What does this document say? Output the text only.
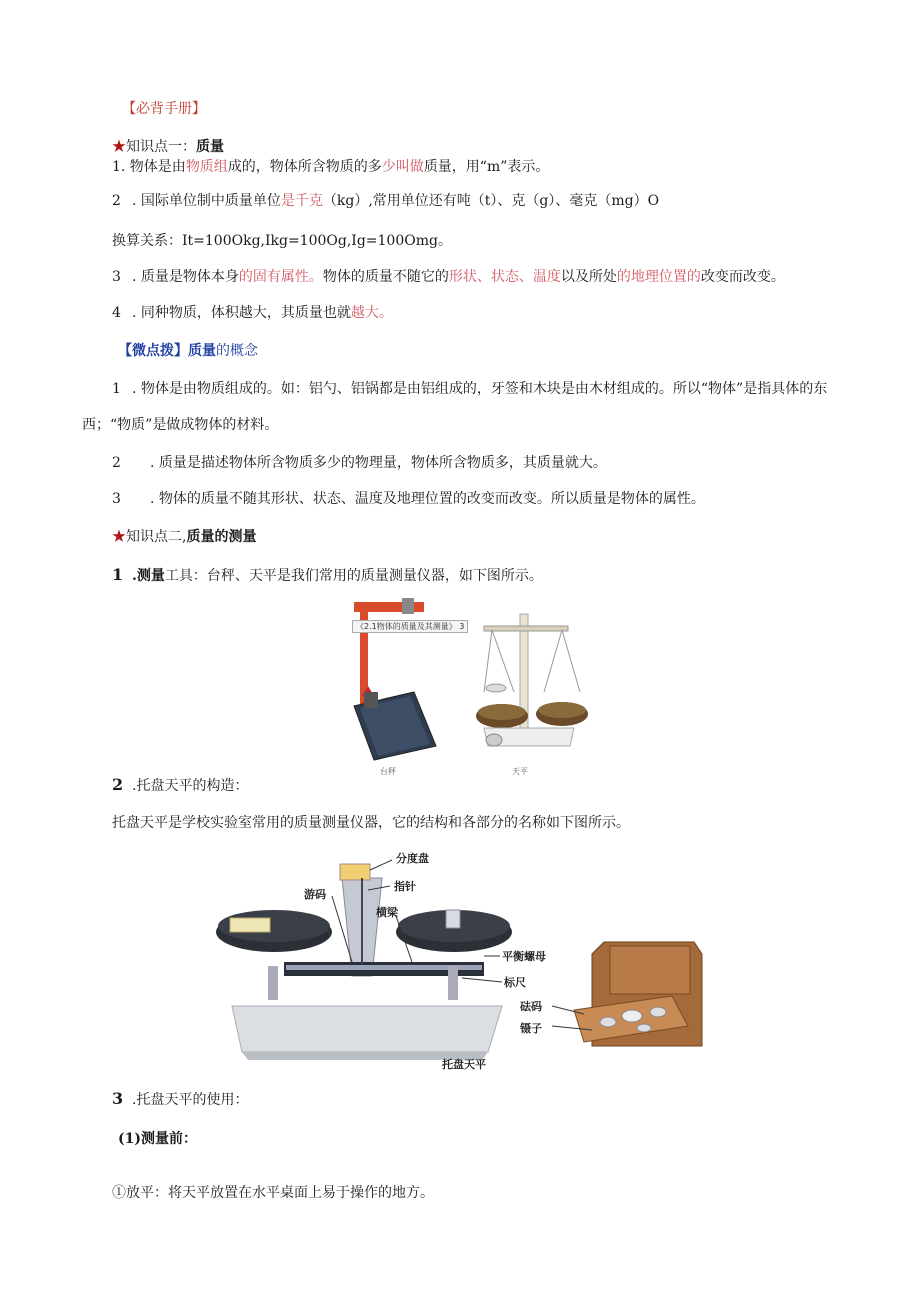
【必背手册】
★知识点一：质量
1. 物体是由物质组成的，物体所含物质的多少叫做质量，用“m”表示。
2 . 国际单位制中质量单位是千克（kg）,常用单位还有吨（t）、克（g）、毫克（mg）O
换算关系：It=100Okg,Ikg=100Og,Ig=100Omg。
3 . 质量是物体本身的固有属性。物体的质量不随它的形状、状态、温度以及所处的地理位置的改变而改变。
4 . 同种物质，体积越大，其质量也就越大。
【微点拨】质量的概念
1 . 物体是由物质组成的。如：铝勺、铝锅都是由铝组成的，牙签和木块是由木材组成的。所以“物体”是指具体的东
西；“物质”是做成物体的材料。
2 . 质量是描述物体所含物质多少的物理量，物体所含物质多，其质量就大。
3 . 物体的质量不随其形状、状态、温度及地理位置的改变而改变。所以质量是物体的属性。
★知识点二,质量的测量
1 .测量工具：台秤、天平是我们常用的质量测量仪器，如下图所示。
《2.1物体的质量及其测量》 3
台秤	天平
2 .托盘天平的构造：
托盘天平是学校实验室常用的质量测量仪器，它的结构和各部分的名称如下图所示。
分度盘
指针
游码
横梁
平衡螺母
标尺
砝码
镊子
托盘天平
3 .托盘天平的使用：
(1)测量前：
①放平：将天平放置在水平桌面上易于操作的地方。
